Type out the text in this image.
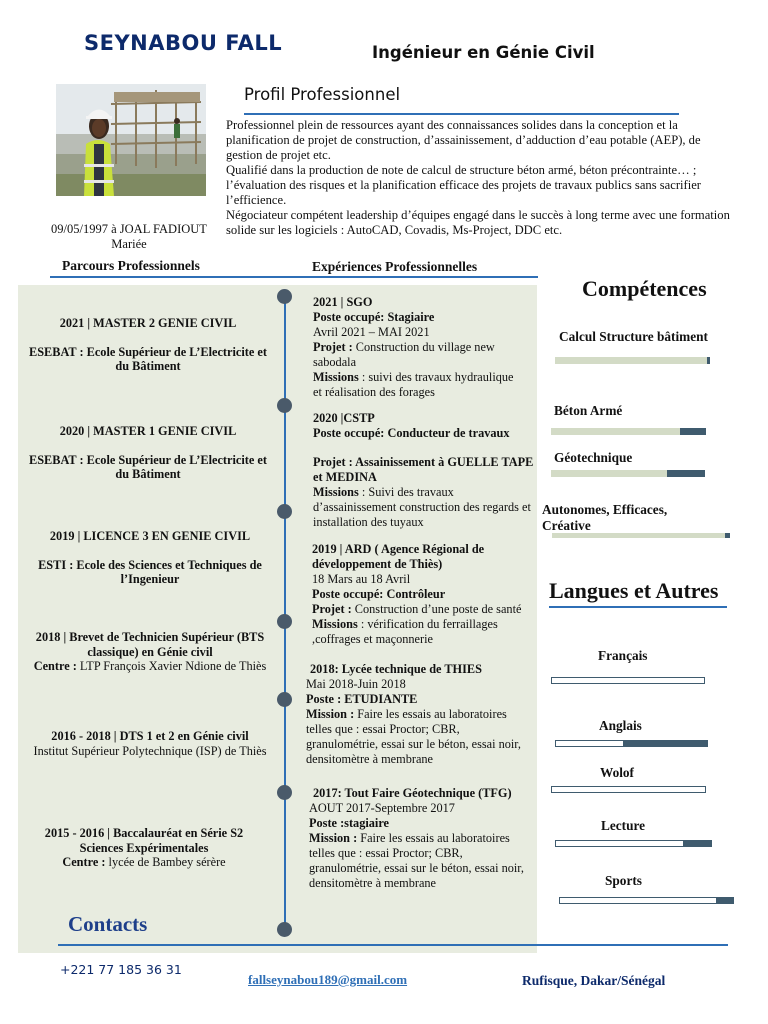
SEYNABOU FALL	Ingénieur en Génie Civil
09/05/1997 à JOAL FADIOUT
Mariée
Profil Professionnel
Professionnel plein de ressources ayant des connaissances solides dans la conception et la planification de projet de construction, d’assainissement, d’adduction d’eau potable (AEP), de gestion de projet etc.
Qualifié dans la production de note de calcul de structure béton armé, béton précontrainte… ; l’évaluation des risques et la planification efficace des projets de travaux publics sans sacrifier l’efficience.
Négociateur compétent leadership d’équipes engagé dans le succès à long terme avec une formation solide sur les logiciels : AutoCAD, Covadis, Ms-Project, DDC etc.
Parcours Professionnels	Expériences Professionnelles
2021 | MASTER 2 GENIE CIVIL
ESEBAT : Ecole Supérieur de L’Electricite et du Bâtiment
2020 | MASTER 1 GENIE CIVIL
ESEBAT : Ecole Supérieur de L’Electricite et du Bâtiment
2019 | LICENCE 3 EN GENIE CIVIL
ESTI : Ecole des Sciences et Techniques de l’Ingenieur
2018 | Brevet de Technicien Supérieur (BTS classique) en Génie civil
Centre : LTP François Xavier Ndione de Thiès
2016 - 2018 | DTS 1 et 2 en Génie civil
Institut Supérieur Polytechnique (ISP) de Thiès
2015 - 2016 | Baccalauréat en Série S2 Sciences Expérimentales
Centre : lycée de Bambey sérère
2021 | SGO
Poste occupé: Stagiaire
Avril 2021 – MAI 2021
Projet : Construction du village new sabodala
Missions : suivi des travaux hydraulique et réalisation des forages
2020 |CSTP
Poste occupé: Conducteur de travaux
Projet : Assainissement à GUELLE TAPE et MEDINA
Missions : Suivi des travaux d’assainissement construction des regards et installation des tuyaux
2019 | ARD ( Agence Régional de développement de Thiès)
18 Mars au 18 Avril
Poste occupé: Contrôleur
Projet : Construction d’une poste de santé
Missions : vérification du ferraillages ,coffrages et maçonnerie
2018: Lycée technique de THIES
Mai 2018-Juin 2018
Poste : ETUDIANTE
Mission : Faire les essais au laboratoires telles que : essai Proctor; CBR, granulométrie, essai sur le béton, essai noir, densitomètre à membrane
2017: Tout Faire Géotechnique (TFG)
AOUT 2017-Septembre 2017
Poste :stagiaire
Mission : Faire les essais au laboratoires telles que : essai Proctor; CBR, granulométrie, essai sur le béton, essai noir, densitomètre à membrane
Contacts
+221 77 185 36 31
fallseynabou189@gmail.com	Rufisque, Dakar/Sénégal
Compétences
Calcul Structure bâtiment
Béton Armé
Géotechnique
Autonomes, Efficaces, Créative
Langues et Autres
Français
Anglais
Wolof
Lecture
Sports
